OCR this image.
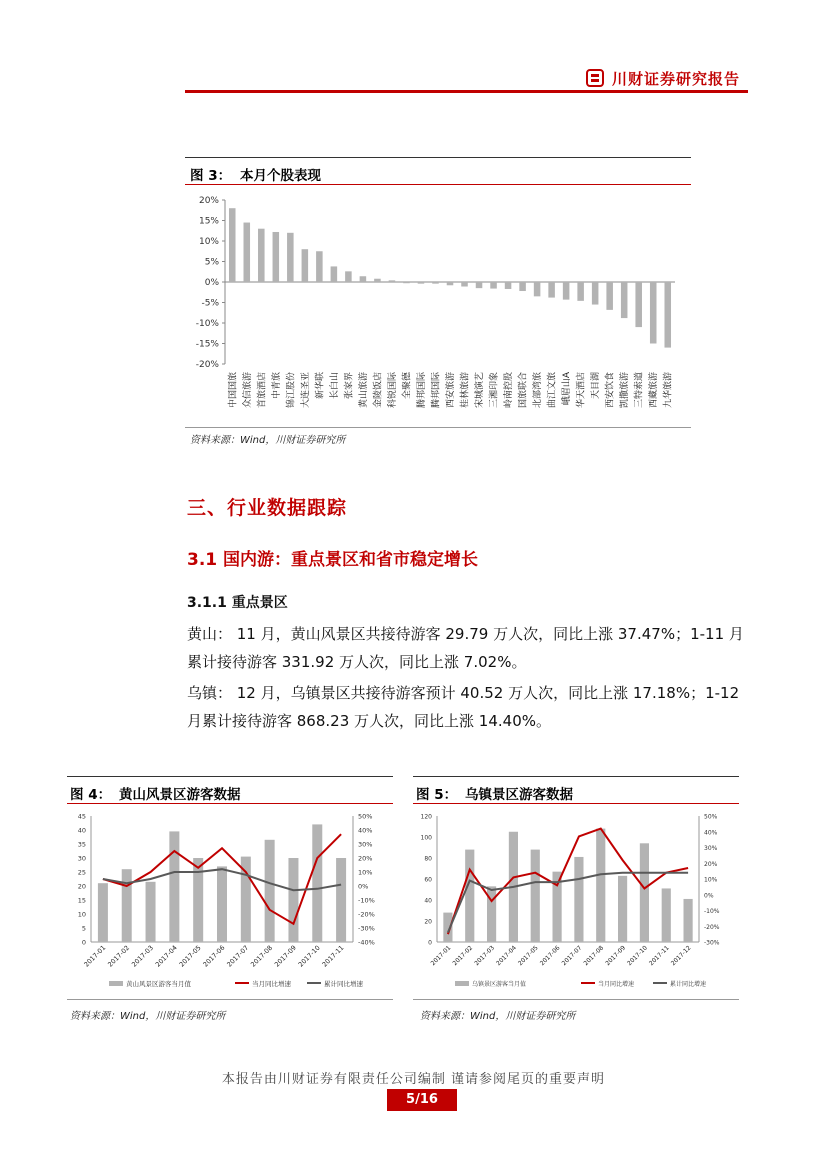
川财证券研究报告
图 3： 本月个股表现
20%
15%
10%
5%
0%
-5%
-10%
-15%
-20%
中国国旅 众信旅游 首旅酒店 中青旅 锦江股份 大连圣亚 新华联 长白山 张家界 黄山旅游 金陵饭店 科锐国际 全聚德 腾邦国际 腾邦国际 西安旅游 桂林旅游 宋城演艺 三湘印象 岭南控股 国旅联合 北部湾旅 曲江文旅 峨眉山A 华天酒店 天目湖 西安饮食 凯撒旅游 三特索道 西藏旅游 九华旅游
资料来源：Wind，川财证券研究所
三、行业数据跟踪
3.1 国内游：重点景区和省市稳定增长
3.1.1 重点景区
黄山： 11 月，黄山风景区共接待游客 29.79 万人次，同比上涨 37.47%；1-11 月累计接待游客 331.92 万人次，同比上涨 7.02%。
乌镇： 12 月，乌镇景区共接待游客预计 40.52 万人次，同比上涨 17.18%；1-12 月累计接待游客 868.23 万人次，同比上涨 14.40%。
图 4： 黄山风景区游客数据
45
40
35
30
25
20
15
10
5
0
50%
40%
30%
20%
10%
0%
-10%
-20%
-30%
-40%
2017-01
2017-02
2017-03
2017-04
2017-05
2017-06
2017-07
2017-08
2017-09
2017-10
2017-11
黄山风景区游客当月值	当月同比增速	累计同比增速
资料来源：Wind，川财证券研究所
图 5： 乌镇景区游客数据
120
100
80
60
40
20
0
50%
40%
30%
20%
10%
0%
-10%
-20%
-30%
2017-01 2017-02 2017-03 2017-04 2017-05 2017-06 2017-07 2017-08 2017-09 2017-10 2017-11 2017-12
乌镇景区游客当月值	当月同比增速	累计同比增速
资料来源：Wind，川财证券研究所
本报告由川财证券有限责任公司编制 谨请参阅尾页的重要声明
5/16
